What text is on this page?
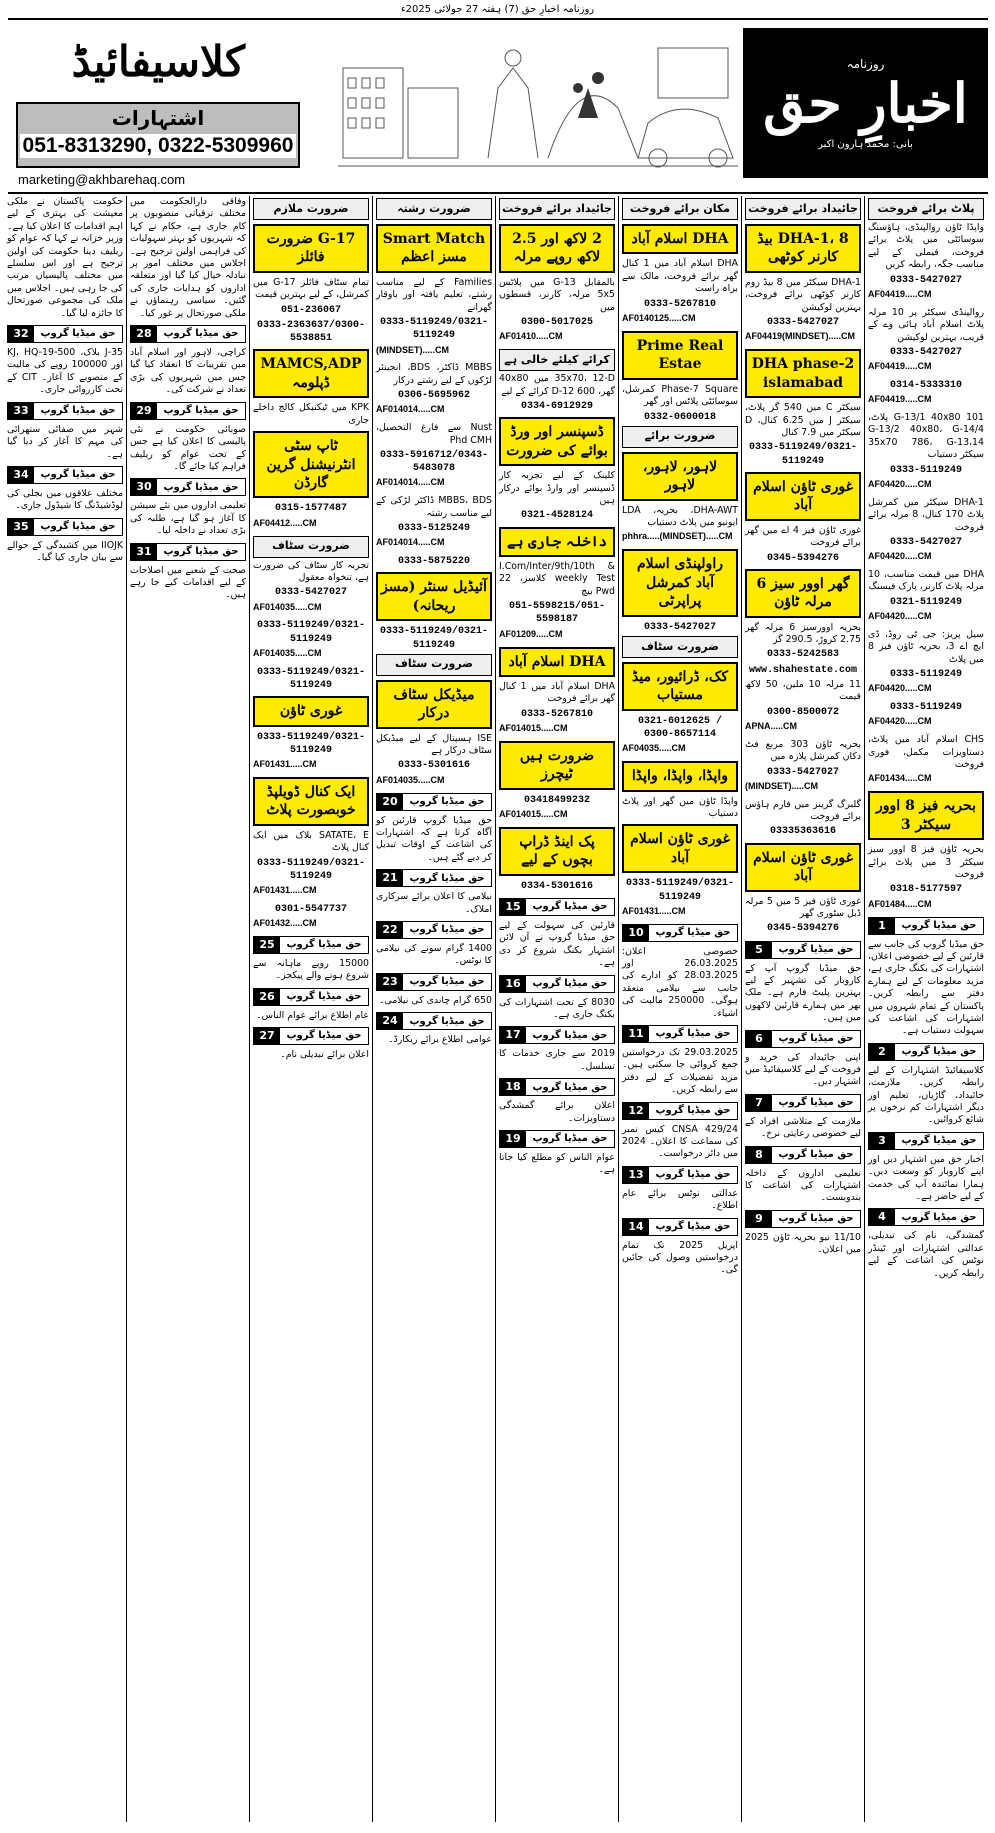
روزنامہ اخبارِ حق (7) ہفتہ 27 جولائی 2025ء
کلاسیفائیڈ
اشتہارات
051-8313290, 0322-5309960
marketing@akhbarehaq.com
روزنامہ
اخبارِ حق
بانی: محمد ہارون اکبر
پلاٹ برائے فروخت
واپڈا ٹاؤن روالپنڈی، ہاؤسنگ سوسائٹی میں پلاٹ برائے فروخت، فیملی کے لیے مناسب جگہ، رابطہ کریں
0333-5427027
AF04419.....CM
روالپنڈی سیکٹر پر 10 مرلہ پلاٹ اسلام آباد ہائی وے کے قریب، بہترین لوکیشن
0333-5427027
AF04419.....CM
0314-5333310
AF04419.....CM
G-13/1 40x80 101 پلاٹ، G-13/2 40x80، G-14/4 35x70 786، G-13،14 سیکٹر دستیاب
0333-5119249
AF04420.....CM
DHA-1 سیکٹر میں کمرشل پلاٹ 170 کنال، 8 مرلہ برائے فروخت
0333-5427027
AF04420.....CM
DHA میں قیمت مناسب، 10 مرلہ پلاٹ کارنر، پارک فیسنگ
0321-5119249
AF04420.....CM
سیل پریز: جی ٹی روڈ، ڈی ایچ اے 3، بحریہ ٹاؤن فیز 8 میں پلاٹ
0333-5119249
AF04420.....CM
0333-5119249
AF04420.....CM
CHS اسلام آباد میں پلاٹ، دستاویزات مکمل، فوری فروخت
AF01434.....CM
بحریہ فیز 8 اوور سیکٹر 3
بحریہ ٹاؤن فیز 8 اوور سیز سیکٹر 3 میں پلاٹ برائے فروخت
0318-5177597
AF01484.....CM
1	حق میڈیا گروپ
حق میڈیا گروپ کی جانب سے قارئین کے لیے خصوصی اعلان، اشتہارات کی بکنگ جاری ہے، مزید معلومات کے لیے ہمارے دفتر سے رابطہ کریں۔ پاکستان کے تمام شہروں میں اشتہارات کی اشاعت کی سہولت دستیاب ہے۔
2	حق میڈیا گروپ
کلاسیفائیڈ اشتہارات کے لیے رابطہ کریں۔ ملازمت، جائیداد، گاڑیاں، تعلیم اور دیگر اشتہارات کم نرخوں پر شائع کروائیں۔
3	حق میڈیا گروپ
اخبار حق میں اشتہار دیں اور اپنے کاروبار کو وسعت دیں۔ ہمارا نمائندہ آپ کی خدمت کے لیے حاضر ہے۔
4	حق میڈیا گروپ
گمشدگی، نام کی تبدیلی، عدالتی اشتہارات اور ٹینڈر نوٹس کی اشاعت کے لیے رابطہ کریں۔
جائیداد برائے فروخت
DHA-1، 8 بیڈ کارنر کوٹھی
DHA-1 سیکٹر میں 8 بیڈ روم کارنر کوٹھی برائے فروخت، بہترین لوکیشن
0333-5427027
AF04419(MINDSET).....CM
DHA phase-2 islamabad
سیکٹر C میں 540 گز پلاٹ، سیکٹر J میں 6.25 کنال، D سیکٹر میں 7.9 کنال
0333-5119249/0321-5119249
غوری ٹاؤن اسلام آباد
غوری ٹاؤن فیز 4 اے میں گھر برائے فروخت
0345-5394276
گھر اوور سیز 6 مرلہ ٹاؤن
بحریہ اوورسیز 6 مرلہ گھر 2.75 کروڑ، 290.5 گز
0333-5242583
www.shahestate.com
11 مرلہ 10 ملین، 50 لاکھ قیمت
0300-8500072
APNA.....CM
بحریہ ٹاؤن 303 مربع فٹ دکان کمرشل پلازہ میں
0333-5427027
(MINDSET).....CM
گلبرگ گرینز میں فارم ہاؤس برائے فروخت
03335363616
غوری ٹاؤن اسلام آباد
غوری ٹاؤن فیز 5 میں 5 مرلہ ڈبل سٹوری گھر
0345-5394276
5	حق میڈیا گروپ
حق میڈیا گروپ آپ کے کاروبار کی تشہیر کے لیے بہترین پلیٹ فارم ہے۔ ملک بھر میں ہمارے قارئین لاکھوں میں ہیں۔
6	حق میڈیا گروپ
اپنی جائیداد کی خرید و فروخت کے لیے کلاسیفائیڈ میں اشتہار دیں۔
7	حق میڈیا گروپ
ملازمت کے متلاشی افراد کے لیے خصوصی رعایتی نرخ۔
8	حق میڈیا گروپ
تعلیمی اداروں کے داخلہ اشتہارات کی اشاعت کا بندوبست۔
9	حق میڈیا گروپ
11/10 نیو بحریہ ٹاؤن 2025 میں اعلان۔
مکان برائے فروخت
DHA اسلام آباد
DHA اسلام آباد میں 1 کنال گھر برائے فروخت، مالک سے براہ راست
0333-5267810
AF0140125.....CM
Prime Real Estae
Phase-7 Square کمرشل، سوسائٹی پلاٹس اور گھر
0332-0600018
ضرورت برائے
لاہور، لاہور، لاہور
DHA-AWT، بحریہ، LDA ایونیو میں پلاٹ دستیاب
phhra.....(MINDSET).....CM
راولپنڈی اسلام آباد کمرشل پراپرٹی
0333-5427027
ضرورت سٹاف
کک، ڈرائیور، میڈ مستیاب
0321-6012625 / 0300-8657114
AF04035.....CM
واپڈا، واپڈا، واپڈا
واپڈا ٹاؤن میں گھر اور پلاٹ دستیاب
غوری ٹاؤن اسلام آباد
0333-5119249/0321-5119249
AF01431.....CM
10	حق میڈیا گروپ
خصوصی اعلان: 26.03.2025 اور 28.03.2025 کو ادارے کی جانب سے نیلامی منعقد ہوگی۔ 250000 مالیت کی اشیاء۔
11	حق میڈیا گروپ
29.03.2025 تک درخواستیں جمع کروائی جا سکتی ہیں۔ مزید تفصیلات کے لیے دفتر سے رابطہ کریں۔
12	حق میڈیا گروپ
CNSA 429/24 کیس نمبر کی سماعت کا اعلان۔ 2024 میں دائر درخواست۔
13	حق میڈیا گروپ
عدالتی نوٹس برائے عام اطلاع۔
14	حق میڈیا گروپ
اپریل 2025 تک تمام درخواستیں وصول کی جائیں گی۔
جائیداد برائے فروخت
2 لاکھ اور 2.5 لاکھ روپے مرلہ
بالمقابل G-13 میں پلاٹس 5x5 مرلہ، کارنر، قسطوں میں
0300-5017025
AF01410.....CM
کرائے کیلئے خالی ہے
35x70، 12-D میں 40x80 گھر، 600 D-12 کرائے کے لیے
0334-6912929
ڈسپنسر اور ورڈ بوائے کی ضرورت
کلینک کے لیے تجربہ کار ڈسپنسر اور وارڈ بوائے درکار ہیں
0321-4528124
داخلہ جاری ہے
I.Com/Inter/9th/10th & weekly Test کلاسز، 22 Pwd بیچ
051-5598215/051-5598187
AF01209.....CM
DHA اسلام آباد
DHA اسلام آباد میں 1 کنال گھر برائے فروخت
0333-5267810
AF014015.....CM
ضرورت ہیں ٹیچرز
03418499232
AF014015.....CM
پک اینڈ ڈراپ بچوں کے لیے
0334-5301616
15	حق میڈیا گروپ
قارئین کی سہولت کے لیے حق میڈیا گروپ نے آن لائن اشتہار بکنگ شروع کر دی ہے۔
16	حق میڈیا گروپ
8030 کے تحت اشتہارات کی بکنگ جاری ہے۔
17	حق میڈیا گروپ
2019 سے جاری خدمات کا تسلسل۔
18	حق میڈیا گروپ
اعلان برائے گمشدگی دستاویزات۔
19	حق میڈیا گروپ
عوام الناس کو مطلع کیا جاتا ہے۔
ضرورت رشتہ
Smart Match مسز اعظم
Families کے لیے مناسب رشتے، تعلیم یافتہ اور باوقار گھرانے
0333-5119249/0321-5119249
(MINDSET).....CM
MBBS ڈاکٹر، BDS، انجینئر لڑکوں کے لیے رشتے درکار
0306-5695962
AF014014.....CM
Nust سے فارغ التحصیل، Phd CMH
0333-5916712/0343-5483078
AF014014.....CM
MBBS، BDS ڈاکٹر لڑکی کے لیے مناسب رشتہ
0333-5125249
AF014014.....CM
0333-5875220
آئیڈیل سنٹر (مسز ریحانہ)
0333-5119249/0321-5119249
ضرورت سٹاف
میڈیکل سٹاف درکار
ISE ہسپتال کے لیے میڈیکل سٹاف درکار ہے
0333-5301616
AF014035.....CM
20	حق میڈیا گروپ
حق میڈیا گروپ قارئین کو آگاہ کرتا ہے کہ اشتہارات کی اشاعت کے اوقات تبدیل کر دیے گئے ہیں۔
21	حق میڈیا گروپ
نیلامی کا اعلان برائے سرکاری املاک۔
22	حق میڈیا گروپ
1400 گرام سونے کی نیلامی کا نوٹس۔
23	حق میڈیا گروپ
650 گرام چاندی کی نیلامی۔
24	حق میڈیا گروپ
عوامی اطلاع برائے ریکارڈ۔
ضرورت ملازم
G-17 ضرورت فائلز
تمام سٹاف فائلز G-17 میں کمرشل، کے لیے بہترین قیمت
051-236067
0333-2363637/0300-5538851
MAMCS,ADP ڈپلومہ
KPK میں ٹیکنیکل کالج داخلے جاری
ٹاپ سٹی انٹرنیشنل گرین گارڈن
0315-1577487
AF04412.....CM
ضرورت سٹاف
تجربہ کار سٹاف کی ضرورت ہے، تنخواہ معقول
0333-5427027
AF014035.....CM
0333-5119249/0321-5119249
AF014035.....CM
0333-5119249/0321-5119249
غوری ٹاؤن
0333-5119249/0321-5119249
AF01431.....CM
ایک کنال ڈویلپڈ خوبصورت پلاٹ
SATATE، E بلاک میں ایک کنال پلاٹ
0333-5119249/0321-5119249
AF01431.....CM
0301-5547737
AF01432.....CM
25	حق میڈیا گروپ
15000 روپے ماہانہ سے شروع ہونے والے پیکجز۔
26	حق میڈیا گروپ
عام اطلاع برائے عوام الناس۔
27	حق میڈیا گروپ
اعلان برائے تبدیلی نام۔
وفاقی دارالحکومت میں مختلف ترقیاتی منصوبوں پر کام جاری ہے، حکام نے کہا کہ شہریوں کو بہتر سہولیات کی فراہمی اولین ترجیح ہے۔ اجلاس میں مختلف امور پر تبادلہ خیال کیا گیا اور متعلقہ اداروں کو ہدایات جاری کی گئیں۔ سیاسی رہنماؤں نے ملکی صورتحال پر غور کیا۔
28	حق میڈیا گروپ
کراچی، لاہور اور اسلام آباد میں تقریبات کا انعقاد کیا گیا جس میں شہریوں کی بڑی تعداد نے شرکت کی۔
29	حق میڈیا گروپ
صوبائی حکومت نے نئی پالیسی کا اعلان کیا ہے جس کے تحت عوام کو ریلیف فراہم کیا جائے گا۔
30	حق میڈیا گروپ
تعلیمی اداروں میں نئے سیشن کا آغاز ہو گیا ہے، طلبہ کی بڑی تعداد نے داخلہ لیا۔
31	حق میڈیا گروپ
صحت کے شعبے میں اصلاحات کے لیے اقدامات کیے جا رہے ہیں۔
حکومت پاکستان نے ملکی معیشت کی بہتری کے لیے اہم اقدامات کا اعلان کیا ہے۔ وزیر خزانہ نے کہا کہ عوام کو ریلیف دینا حکومت کی اولین ترجیح ہے اور اس سلسلے میں مختلف پالیسیاں مرتب کی جا رہی ہیں۔ اجلاس میں ملک کی مجموعی صورتحال کا جائزہ لیا گیا۔
32	حق میڈیا گروپ
35-J بلاک، 500-KJ، HQ-19 اور 100000 روپے کی مالیت کے منصوبے کا آغاز۔ CIT کے تحت کارروائی جاری۔
33	حق میڈیا گروپ
شہر میں صفائی ستھرائی کی مہم کا آغاز کر دیا گیا ہے۔
34	حق میڈیا گروپ
مختلف علاقوں میں بجلی کی لوڈشیڈنگ کا شیڈول جاری۔
35	حق میڈیا گروپ
IIOJK میں کشیدگی کے حوالے سے بیان جاری کیا گیا۔
